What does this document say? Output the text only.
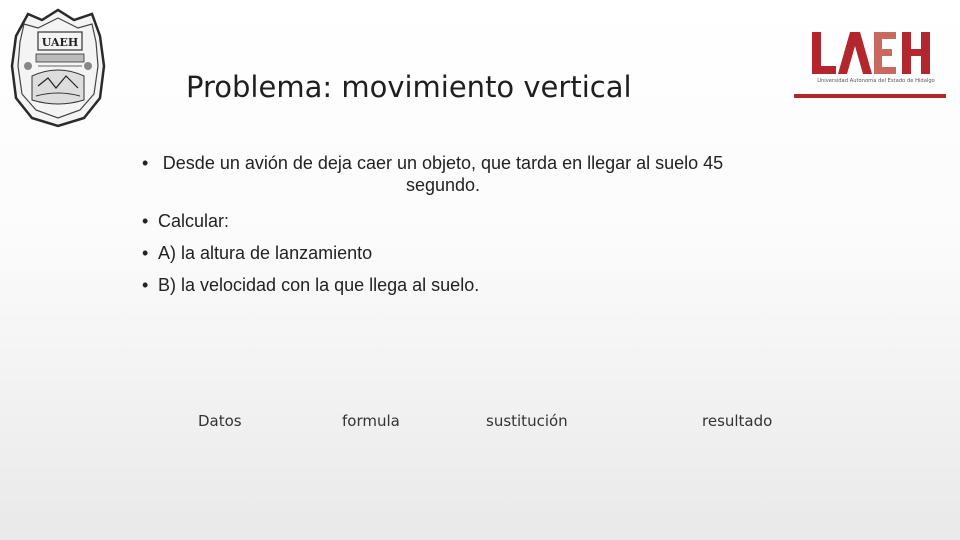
UAEH
Universidad Autónoma del Estado de Hidalgo
Problema: movimiento vertical
• Desde un avión de deja caer un objeto, que tarda en llegar al suelo 45 segundo.
• Calcular:
• A) la altura de lanzamiento
• B) la velocidad con la que llega al suelo.
Datos	formula	sustitución	resultado
